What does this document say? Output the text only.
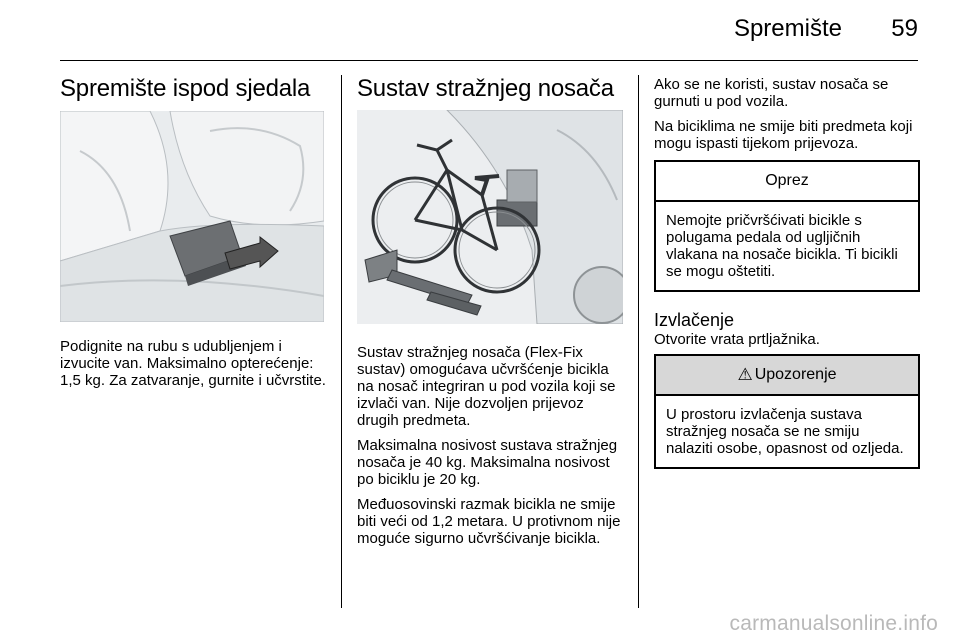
Spremište 59
Spremište ispod sjedala

Podignite na rubu s udubljenjem i izvucite van. Maksimalno opterećenje: 1,5 kg. Za zatvaranje, gurnite i učvrstite.

Sustav stražnjeg nosača

Sustav stražnjeg nosača (Flex-Fix sustav) omogućava učvršćenje bicikla na nosač integriran u pod vozila koji se izvlači van. Nije dozvoljen prijevoz drugih predmeta.

Maksimalna nosivost sustava stražnjeg nosača je 40 kg. Maksimalna nosivost po biciklu je 20 kg.

Međuosovinski razmak bicikla ne smije biti veći od 1,2 metara. U protivnom nije moguće sigurno učvršćivanje bicikla.

Ako se ne koristi, sustav nosača se gurnuti u pod vozila.

Na biciklima ne smije biti predmeta koji mogu ispasti tijekom prijevoza.

Oprez
Nemojte pričvršćivati bicikle s polugama pedala od ugljičnih vlakana na nosače bicikla. Ti bicikli se mogu oštetiti.
Izvlačenje

Otvorite vrata prtljažnika.

⚠ Upozorenje
U prostoru izvlačenja sustava stražnjeg nosača se ne smiju nalaziti osobe, opasnost od ozljeda.
carmanualsonline.info
